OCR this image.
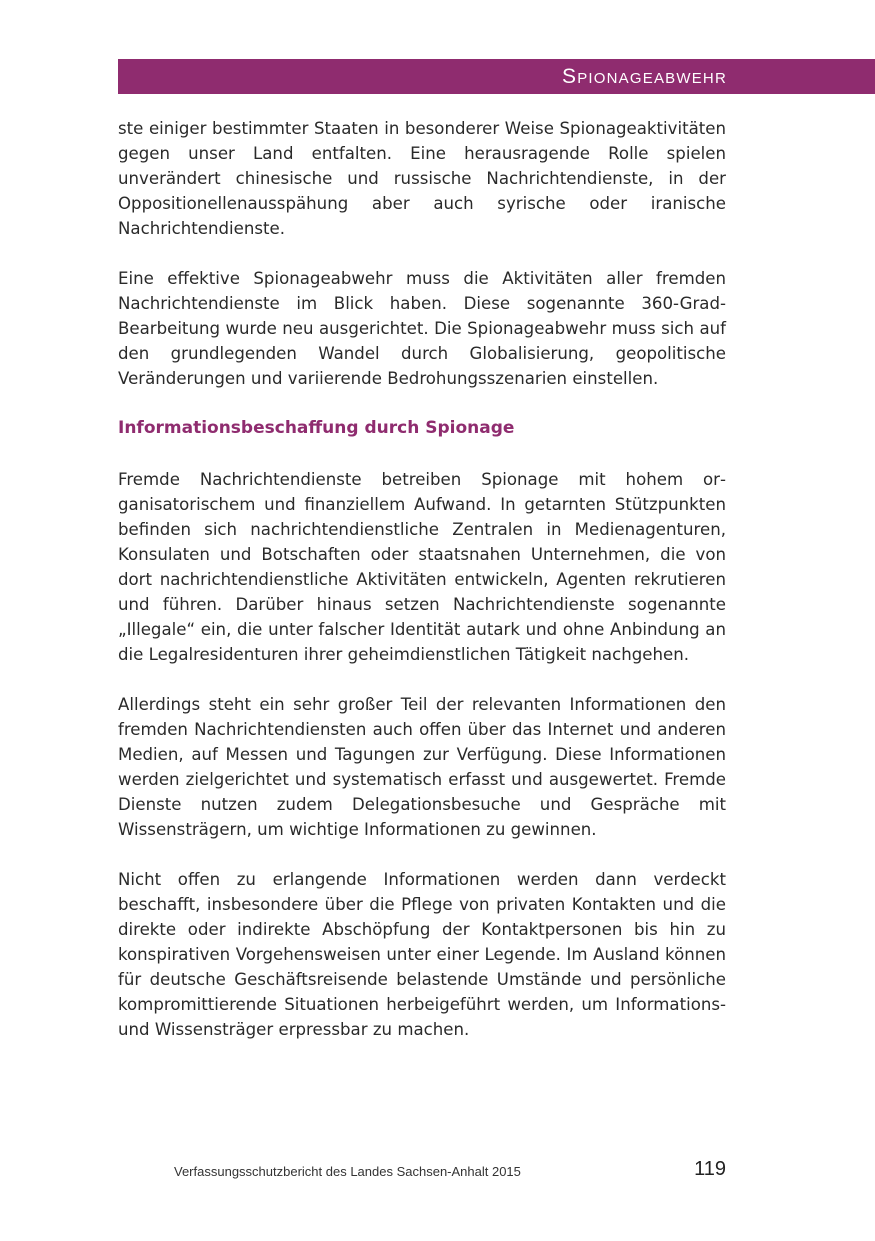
Spionageabwehr

ste einiger bestimmter Staaten in besonderer Weise Spionageaktivitäten gegen unser Land entfalten. Eine herausragende Rolle spielen unverändert chinesische und russische Nachrichtendienste, in der Oppositionellenausspähung aber auch syrische oder iranische Nachrichtendienste.

Eine effektive Spionageabwehr muss die Aktivitäten aller fremden Nachrichtendienste im Blick haben. Diese sogenannte 360-Grad-Bearbeitung wurde neu ausgerichtet. Die Spionageabwehr muss sich auf den grundlegenden Wandel durch Globalisierung, geopolitische Veränderungen und variierende Bedrohungsszenarien einstellen.

Informationsbeschaffung durch Spionage

Fremde Nachrichtendienste betreiben Spionage mit hohem organisatorischem und finanziellem Aufwand. In getarnten Stützpunkten befinden sich nachrichtendienstliche Zentralen in Medienagenturen, Konsulaten und Botschaften oder staatsnahen Unternehmen, die von dort nachrichtendienstliche Aktivitäten entwickeln, Agenten rekrutieren und führen. Darüber hinaus setzen Nachrichtendienste sogenannte „Illegale“ ein, die unter falscher Identität autark und ohne Anbindung an die Legalresidenturen ihrer geheimdienstlichen Tätigkeit nachgehen.

Allerdings steht ein sehr großer Teil der relevanten Informationen den fremden Nachrichtendiensten auch offen über das Internet und anderen Medien, auf Messen und Tagungen zur Verfügung. Diese Informationen werden zielgerichtet und systematisch erfasst und ausgewertet. Fremde Dienste nutzen zudem Delegationsbesuche und Gespräche mit Wissensträgern, um wichtige Informationen zu gewinnen.

Nicht offen zu erlangende Informationen werden dann verdeckt beschafft, insbesondere über die Pflege von privaten Kontakten und die direkte oder indirekte Abschöpfung der Kontaktpersonen bis hin zu konspirativen Vorgehensweisen unter einer Legende. Im Ausland können für deutsche Geschäftsreisende belastende Umstände und persönliche kompromittierende Situationen herbeigeführt werden, um Informations- und Wissensträger erpressbar zu machen.

Verfassungsschutzbericht des Landes Sachsen-Anhalt 2015	119
